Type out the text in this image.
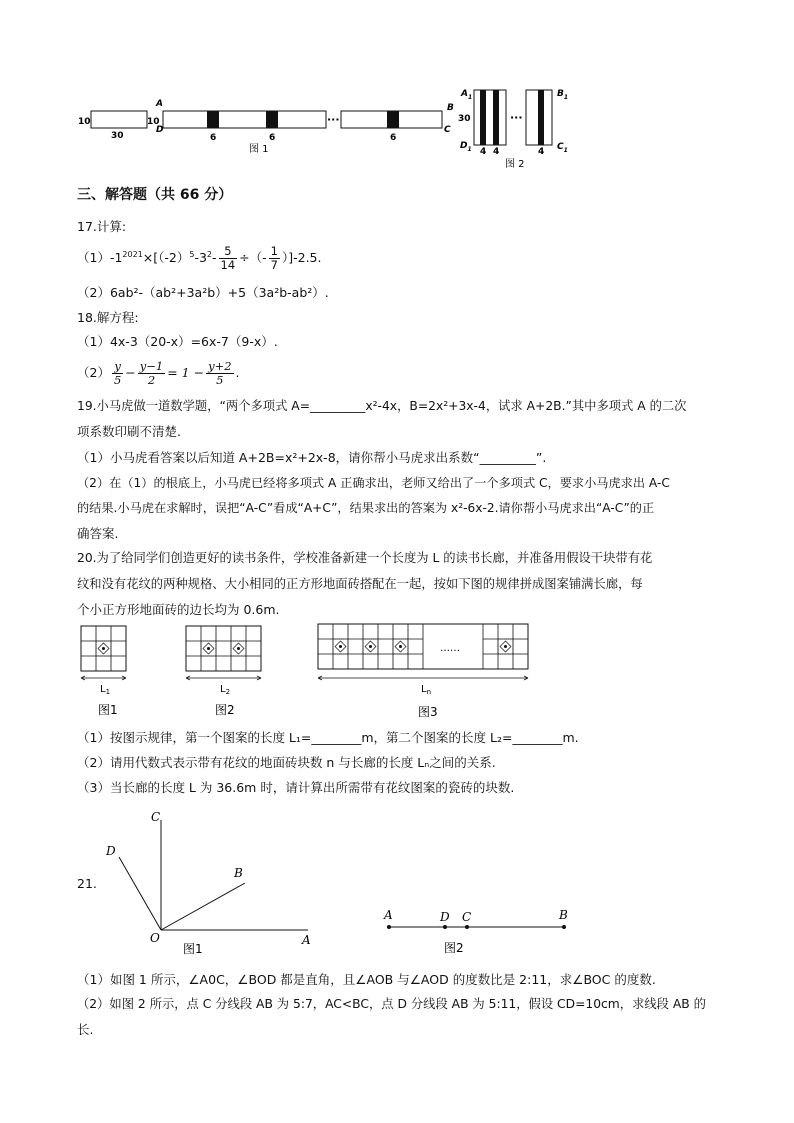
10
30
A
D
10
6	6
···
6
B
C
图 1
$A_1$
30
$D_1$
···
4 4	4
$B_1$
$C_1$
图 2
三、解答题（共 66 分）
17.计算:
$(1)-1^{2021}\times[(-2)^5-3^2- \frac{5}{14}$ ÷（- $\frac{1}{7} )]-2.5$.
（2）6ab²-（ab²+3a²b）+5（3a²b-ab²）.
18.解方程:
（1）4x-3（20-x）=6x-7（9-x）.
$(2) \frac{y}{5} - \frac{y-1}{2} = 1 - \frac{y+2}{5}$ .
19.小马虎做一道数学题，“两个多项式 A=_________x²-4x，B=2x²+3x-4，试求 A+2B.”其中多项式 A 的二次
项系数印刷不清楚.
（1）小马虎看答案以后知道 A+2B=x²+2x-8，请你帮小马虎求出系数“_________”.
（2）在（1）的根底上，小马虎已经将多项式 A 正确求出，老师又给出了一个多项式 C，要求小马虎求出 A-C
的结果.小马虎在求解时，误把“A-C”看成“A+C”，结果求出的答案为 x²-6x-2.请你帮小马虎求出“A-C”的正
确答案.
20.为了给同学们创造更好的读书条件，学校准备新建一个长度为 L 的读书长廊，并准备用假设干块带有花
纹和没有花纹的两种规格、大小相同的正方形地面砖搭配在一起，按如下图的规律拼成图案铺满长廊，每
个小正方形地面砖的边长均为 0.6m.
$L_1$	$L_2$
……
$L_n$
图1	图2	图3
（1）按图示规律，第一个图案的长度 L₁=________m，第二个图案的长度 L₂=________m.
（2）请用代数式表示带有花纹的地面砖块数 n 与长廊的长度 Lₙ之间的关系.
（3）当长廊的长度 L 为 36.6m 时，请计算出所需带有花纹图案的瓷砖的块数.
21.
C
D
B
O	A
图1
A	D C	B
图2
（1）如图 1 所示，∠A0C，∠BOD 都是直角，且∠AOB 与∠AOD 的度数比是 2:11，求∠BOC 的度数.
（2）如图 2 所示，点 C 分线段 AB 为 5:7，AC<BC，点 D 分线段 AB 为 5:11，假设 CD=10cm，求线段 AB 的
长.
